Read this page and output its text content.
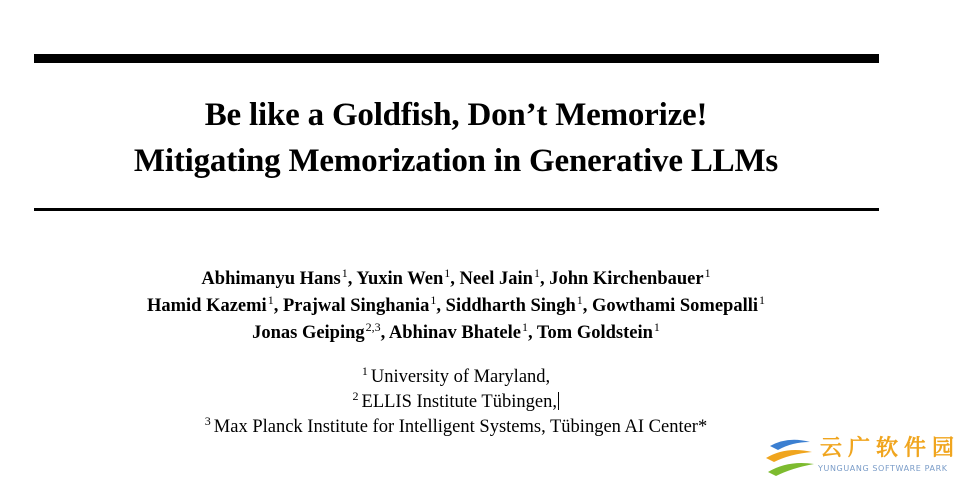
Be like a Goldfish, Don’t Memorize!
Mitigating Memorization in Generative LLMs
Abhimanyu Hans$^1$, Yuxin Wen$^1$, Neel Jain$^1$, John Kirchenbauer$^1$
Hamid Kazemi$^1$, Prajwal Singhania$^1$, Siddharth Singh$^1$, Gowthami Somepalli$^1$
Jonas Geiping$^{2,3}$, Abhinav Bhatele$^1$, Tom Goldstein$^1$
$^1$ University of Maryland,
$^2$ ELLIS Institute Tübingen,
$^3$ Max Planck Institute for Intelligent Systems, Tübingen AI Center*
云广软件园
YUNGUANG SOFTWARE PARK
